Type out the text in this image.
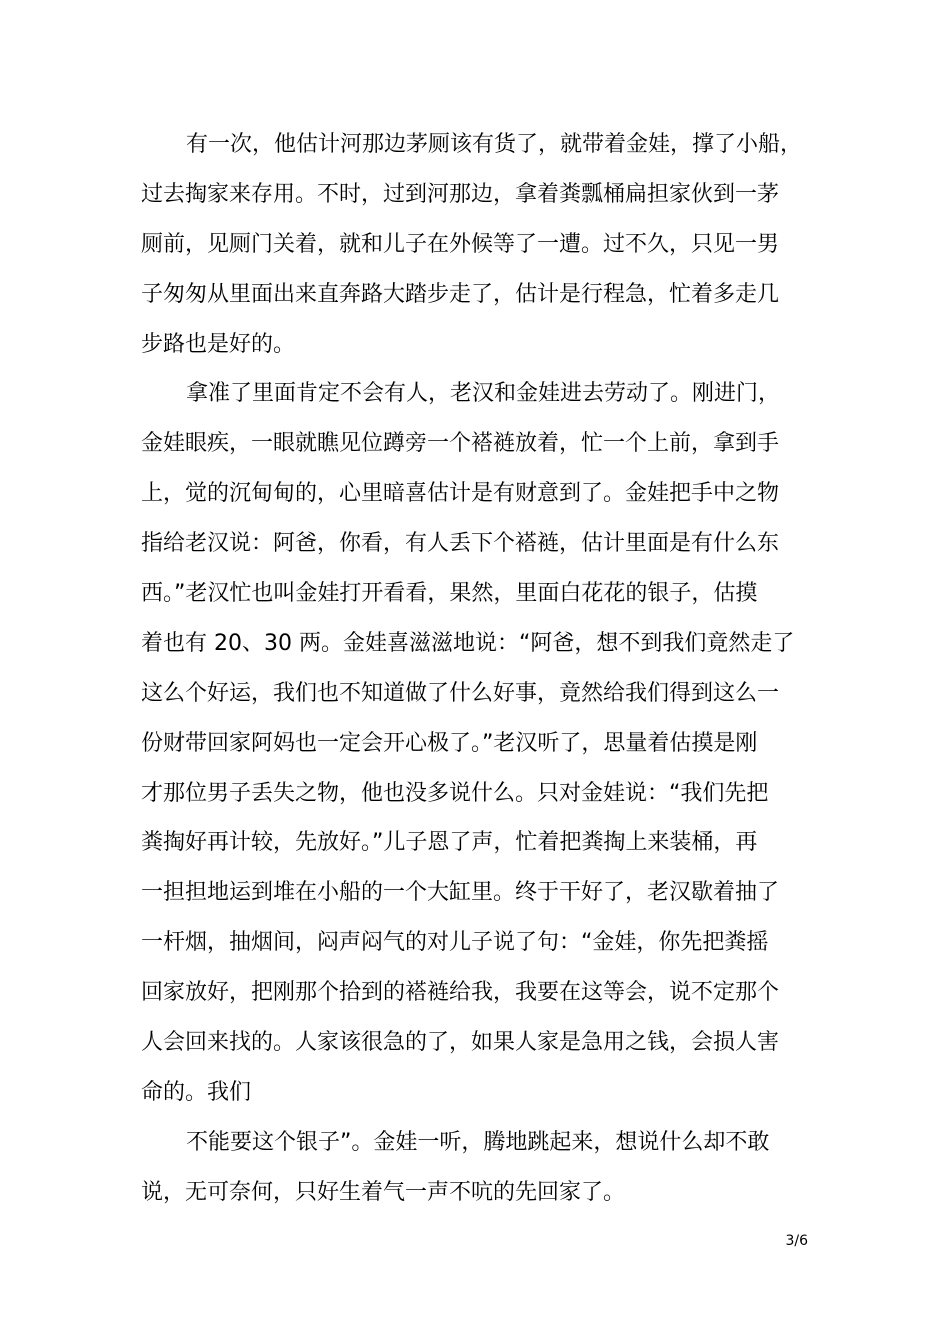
有一次，他估计河那边茅厕该有货了，就带着金娃，撑了小船，
过去掏家来存用。不时，过到河那边，拿着粪瓢桶扁担家伙到一茅
厕前，见厕门关着，就和儿子在外候等了一遭。过不久，只见一男
子匆匆从里面出来直奔路大踏步走了，估计是行程急，忙着多走几
步路也是好的。
拿准了里面肯定不会有人，老汉和金娃进去劳动了。刚进门，
金娃眼疾，一眼就瞧见位蹲旁一个褡裢放着，忙一个上前，拿到手
上，觉的沉甸甸的，心里暗喜估计是有财意到了。金娃把手中之物
指给老汉说：阿爸，你看，有人丢下个褡裢，估计里面是有什么东
西。”老汉忙也叫金娃打开看看，果然，里面白花花的银子，估摸
着也有 20、30 两。金娃喜滋滋地说：“阿爸，想不到我们竟然走了
这么个好运，我们也不知道做了什么好事，竟然给我们得到这么一
份财带回家阿妈也一定会开心极了。”老汉听了，思量着估摸是刚
才那位男子丢失之物，他也没多说什么。只对金娃说：“我们先把
粪掏好再计较，先放好。”儿子恩了声，忙着把粪掏上来装桶，再
一担担地运到堆在小船的一个大缸里。终于干好了，老汉歇着抽了
一杆烟，抽烟间，闷声闷气的对儿子说了句：“金娃，你先把粪摇
回家放好，把刚那个拾到的褡裢给我，我要在这等会，说不定那个
人会回来找的。人家该很急的了，如果人家是急用之钱，会损人害
命的。我们
不能要这个银子”。金娃一听，腾地跳起来，想说什么却不敢
说，无可奈何，只好生着气一声不吭的先回家了。
3/6
